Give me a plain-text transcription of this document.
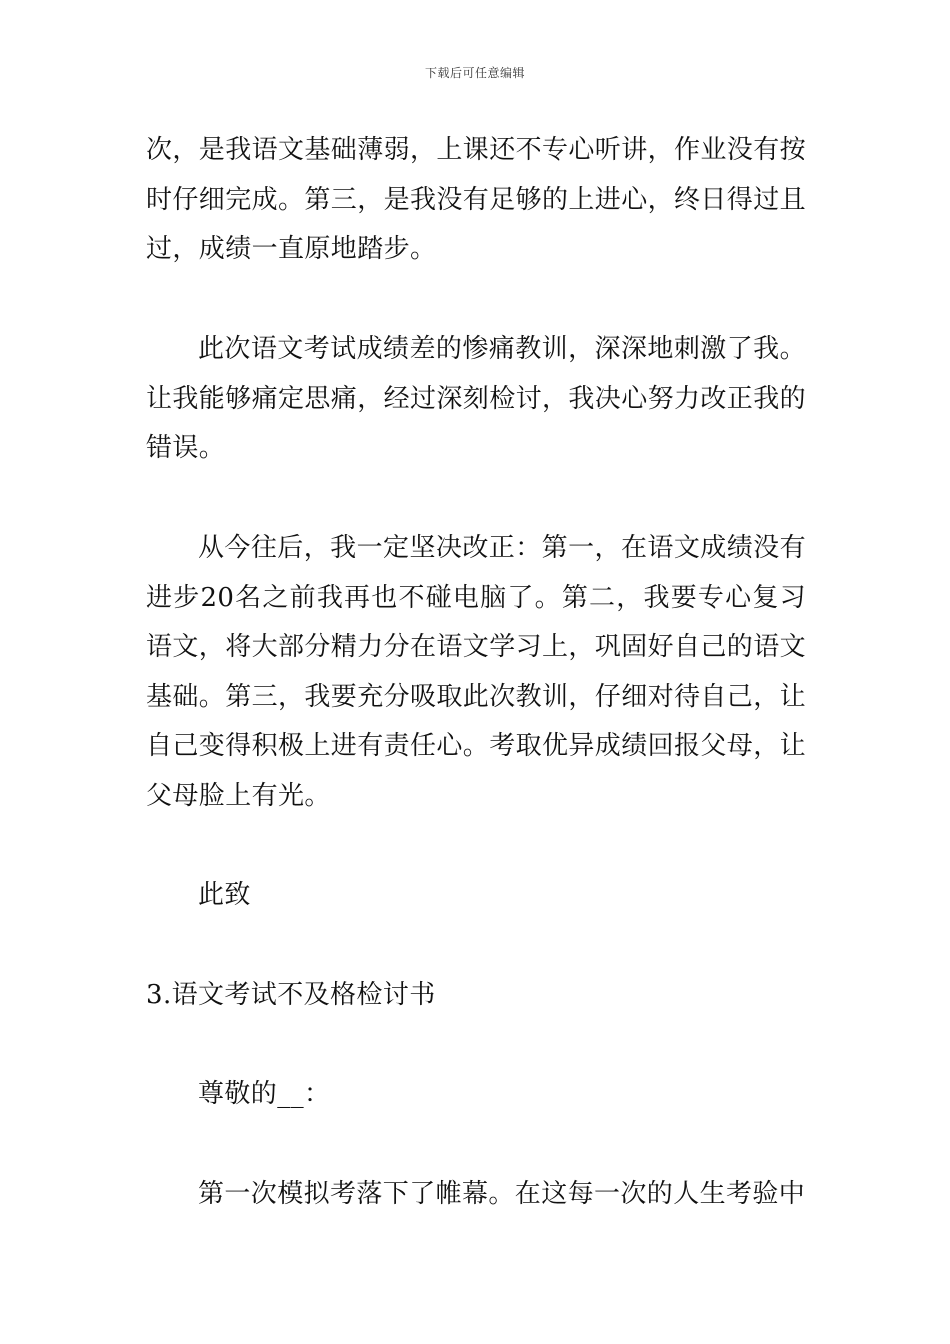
下载后可任意编辑

次，是我语文基础薄弱，上课还不专心听讲，作业没有按时仔细完成。第三，是我没有足够的上进心，终日得过且过，成绩一直原地踏步。

此次语文考试成绩差的惨痛教训，深深地刺激了我。让我能够痛定思痛，经过深刻检讨，我决心努力改正我的错误。

从今往后，我一定坚决改正：第一，在语文成绩没有进步20名之前我再也不碰电脑了。第二，我要专心复习语文，将大部分精力分在语文学习上，巩固好自己的语文基础。第三，我要充分吸取此次教训，仔细对待自己，让自己变得积极上进有责任心。考取优异成绩回报父母，让父母脸上有光。

此致

3.语文考试不及格检讨书

尊敬的__：

第一次模拟考落下了帷幕。在这每一次的人生考验中
